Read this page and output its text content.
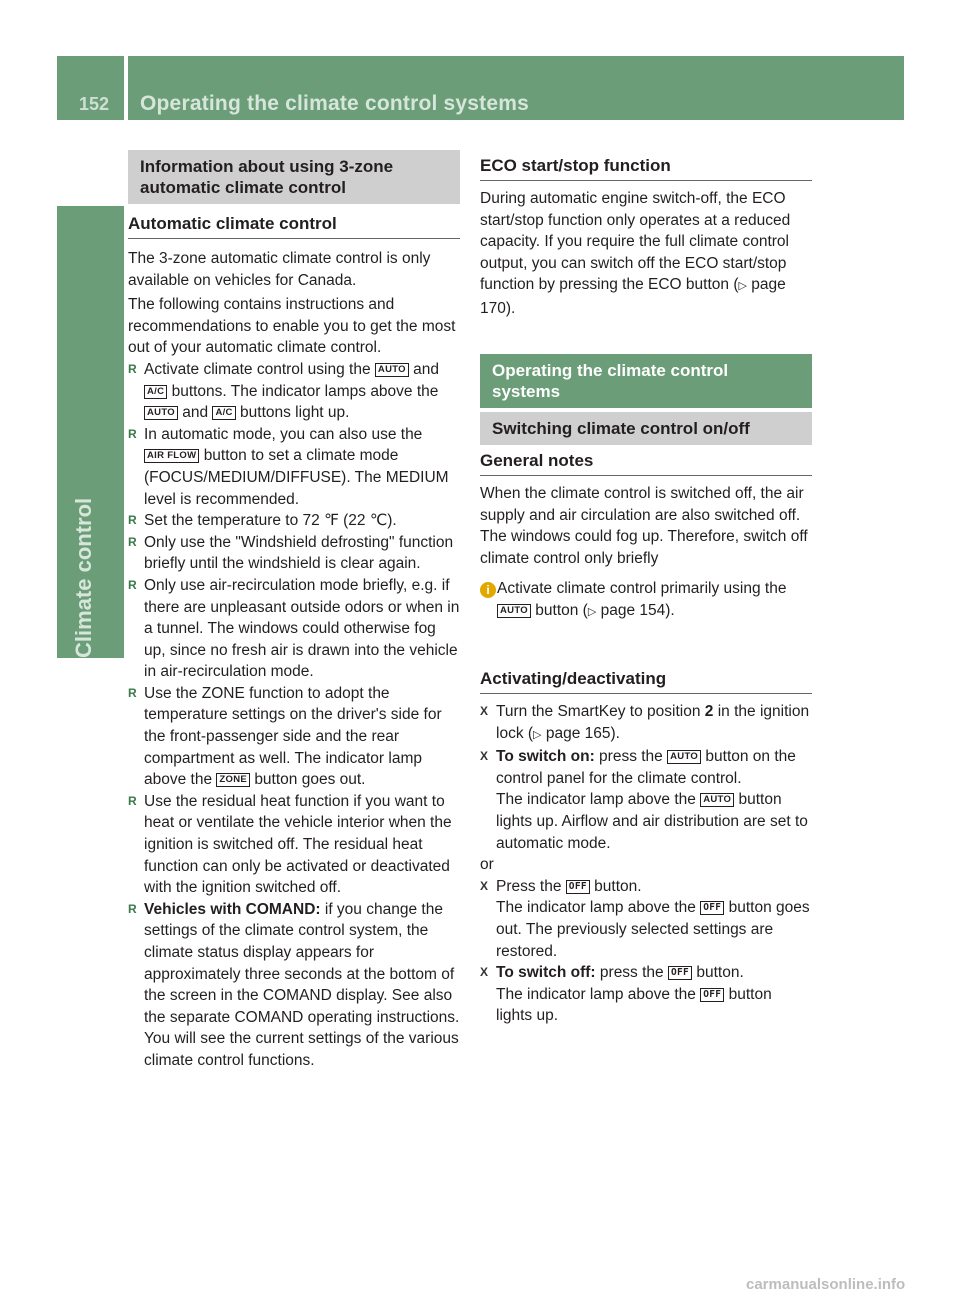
152 Operating the climate control systems
Climate control
Information about using 3-zone
automatic climate control
Automatic climate control

The 3-zone automatic climate control is only available on vehicles for Canada.

The following contains instructions and recommendations to enable you to get the most out of your automatic climate control.

R Activate climate control using the AUTO and A/C buttons. The indicator lamps above the AUTO and A/C buttons light up.
R In automatic mode, you can also use the AIR FLOW button to set a climate mode (FOCUS/MEDIUM/DIFFUSE). The MEDIUM level is recommended.
R Set the temperature to 72 ℉ (22 ℃).
R Only use the "Windshield defrosting" function briefly until the windshield is clear again.
R Only use air-recirculation mode briefly, e.g. if there are unpleasant outside odors or when in a tunnel. The windows could otherwise fog up, since no fresh air is drawn into the vehicle in air-recirculation mode.
R Use the ZONE function to adopt the temperature settings on the driver's side for the front-passenger side and the rear compartment as well. The indicator lamp above the ZONE button goes out.
R Use the residual heat function if you want to heat or ventilate the vehicle interior when the ignition is switched off. The residual heat function can only be activated or deactivated with the ignition switched off.
R Vehicles with COMAND: if you change the settings of the climate control system, the climate status display appears for approximately three seconds at the bottom of the screen in the COMAND display. See also the separate COMAND operating instructions. You will see the current settings of the various climate control functions.
ECO start/stop function

During automatic engine switch-off, the ECO start/stop function only operates at a reduced capacity. If you require the full climate control output, you can switch off the ECO start/stop function by pressing the ECO button (▷ page 170).

Operating the climate control
systems
Switching climate control on/off
General notes

When the climate control is switched off, the air supply and air circulation are also switched off. The windows could fog up. Therefore, switch off climate control only briefly

i Activate climate control primarily using the AUTO button (▷ page 154).
Activating/deactivating
X Turn the SmartKey to position 2 in the ignition lock (▷ page 165).
X To switch on: press the AUTO button on the control panel for the climate control.
The indicator lamp above the AUTO button lights up. Airflow and air distribution are set to automatic mode.

or

X Press the OFF button.
The indicator lamp above the OFF button goes out. The previously selected settings are restored.
X To switch off: press the OFF button.
The indicator lamp above the OFF button lights up.
carmanualsonline.info
